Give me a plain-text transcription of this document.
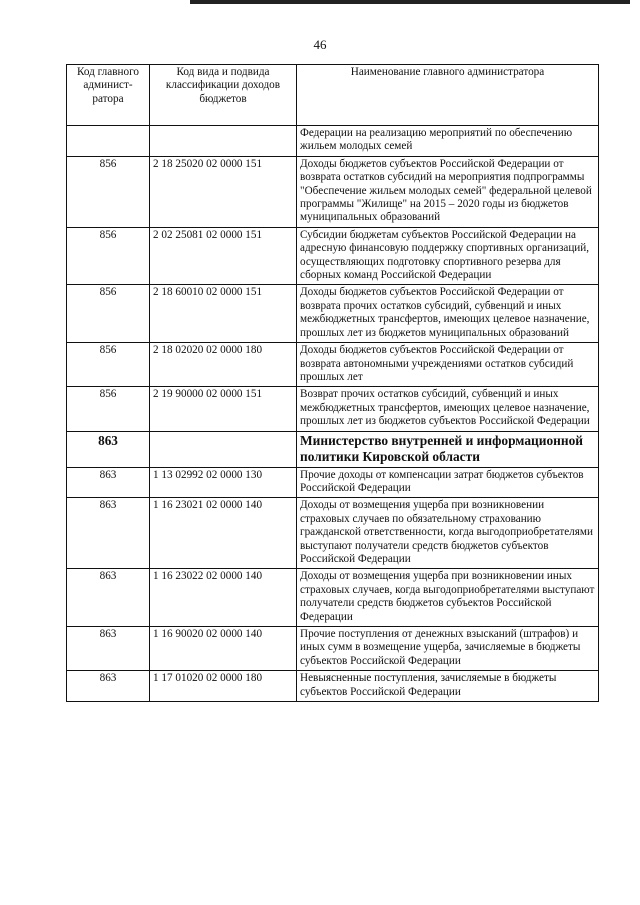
46
Код главного админист-ратора	Код вида и подвида классификации доходов бюджетов	Наименование главного администратора
		Федерации на реализацию мероприятий по обеспечению жильем молодых семей
856	2 18 25020 02 0000 151	Доходы бюджетов субъектов Российской Федерации от возврата остатков субсидий на мероприятия подпрограммы "Обеспечение жильем молодых семей" федеральной целевой программы "Жилище" на 2015 – 2020 годы из бюджетов муниципальных образований
856	2 02 25081 02 0000 151	Субсидии бюджетам субъектов Российской Федерации на адресную финансовую поддержку спортивных организаций, осуществляющих подготовку спортивного резерва для сборных команд Российской Федерации
856	2 18 60010 02 0000 151	Доходы бюджетов субъектов Российской Федерации от возврата прочих остатков субсидий, субвенций и иных межбюджетных трансфертов, имеющих целевое назначение, прошлых лет из бюджетов муниципальных образований
856	2 18 02020 02 0000 180	Доходы бюджетов субъектов Российской Федерации от возврата автономными учреждениями остатков субсидий прошлых лет
856	2 19 90000 02 0000 151	Возврат прочих остатков субсидий, субвенций и иных межбюджетных трансфертов, имеющих целевое назначение, прошлых лет из бюджетов субъектов Российской Федерации
863		Министерство внутренней и информационной политики Кировской области
863	1 13 02992 02 0000 130	Прочие доходы от компенсации затрат бюджетов субъектов Российской Федерации
863	1 16 23021 02 0000 140	Доходы от возмещения ущерба при возникновении страховых случаев по обязательному страхованию гражданской ответственности, когда выгодоприобретателями выступают получатели средств бюджетов субъектов Российской Федерации
863	1 16 23022 02 0000 140	Доходы от возмещения ущерба при возникновении иных страховых случаев, когда выгодоприобретателями выступают получатели средств бюджетов субъектов Российской Федерации
863	1 16 90020 02 0000 140	Прочие поступления от денежных взысканий (штрафов) и иных сумм в возмещение ущерба, зачисляемые в бюджеты субъектов Российской Федерации
863	1 17 01020 02 0000 180	Невыясненные поступления, зачисляемые в бюджеты субъектов Российской Федерации
